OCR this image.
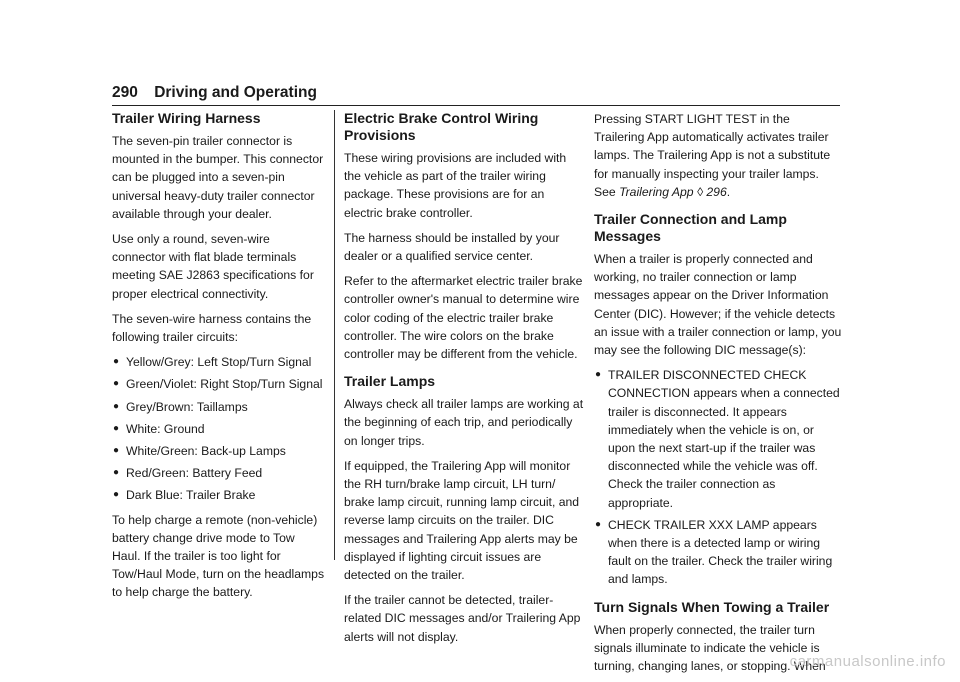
290 Driving and Operating
Trailer Wiring Harness

The seven-pin trailer connector is mounted in the bumper. This connector can be plugged into a seven-pin universal heavy-duty trailer connector available through your dealer.

Use only a round, seven-wire connector with flat blade terminals meeting SAE J2863 specifications for proper electrical connectivity.

The seven-wire harness contains the following trailer circuits:

● Yellow/Grey: Left Stop/Turn Signal
● Green/Violet: Right Stop/Turn Signal
● Grey/Brown: Taillamps
● White: Ground
● White/Green: Back-up Lamps
● Red/Green: Battery Feed
● Dark Blue: Trailer Brake

To help charge a remote (non-vehicle) battery change drive mode to Tow Haul. If the trailer is too light for Tow/Haul Mode, turn on the headlamps to help charge the battery.

Electric Brake Control Wiring Provisions

These wiring provisions are included with the vehicle as part of the trailer wiring package. These provisions are for an electric brake controller.

The harness should be installed by your dealer or a qualified service center.

Refer to the aftermarket electric trailer brake controller owner's manual to determine wire color coding of the electric trailer brake controller. The wire colors on the brake controller may be different from the vehicle.

Trailer Lamps

Always check all trailer lamps are working at the beginning of each trip, and periodically on longer trips.

If equipped, the Trailering App will monitor the RH turn/brake lamp circuit, LH turn/ brake lamp circuit, running lamp circuit, and reverse lamp circuits on the trailer. DIC messages and Trailering App alerts may be displayed if lighting circuit issues are detected on the trailer.

If the trailer cannot be detected, trailer-related DIC messages and/or Trailering App alerts will not display.

Pressing START LIGHT TEST in the Trailering App automatically activates trailer lamps. The Trailering App is not a substitute for manually inspecting your trailer lamps. See Trailering App ◊ 296.

Trailer Connection and Lamp Messages

When a trailer is properly connected and working, no trailer connection or lamp messages appear on the Driver Information Center (DIC). However; if the vehicle detects an issue with a trailer connection or lamp, you may see the following DIC message(s):

● TRAILER DISCONNECTED CHECK CONNECTION appears when a connected trailer is disconnected. It appears immediately when the vehicle is on, or upon the next start-up if the trailer was disconnected while the vehicle was off. Check the trailer connection as appropriate.
● CHECK TRAILER XXX LAMP appears when there is a detected lamp or wiring fault on the trailer. Check the trailer wiring and lamps.
Turn Signals When Towing a Trailer

When properly connected, the trailer turn signals illuminate to indicate the vehicle is turning, changing lanes, or stopping. When

carmanualsonline.info
